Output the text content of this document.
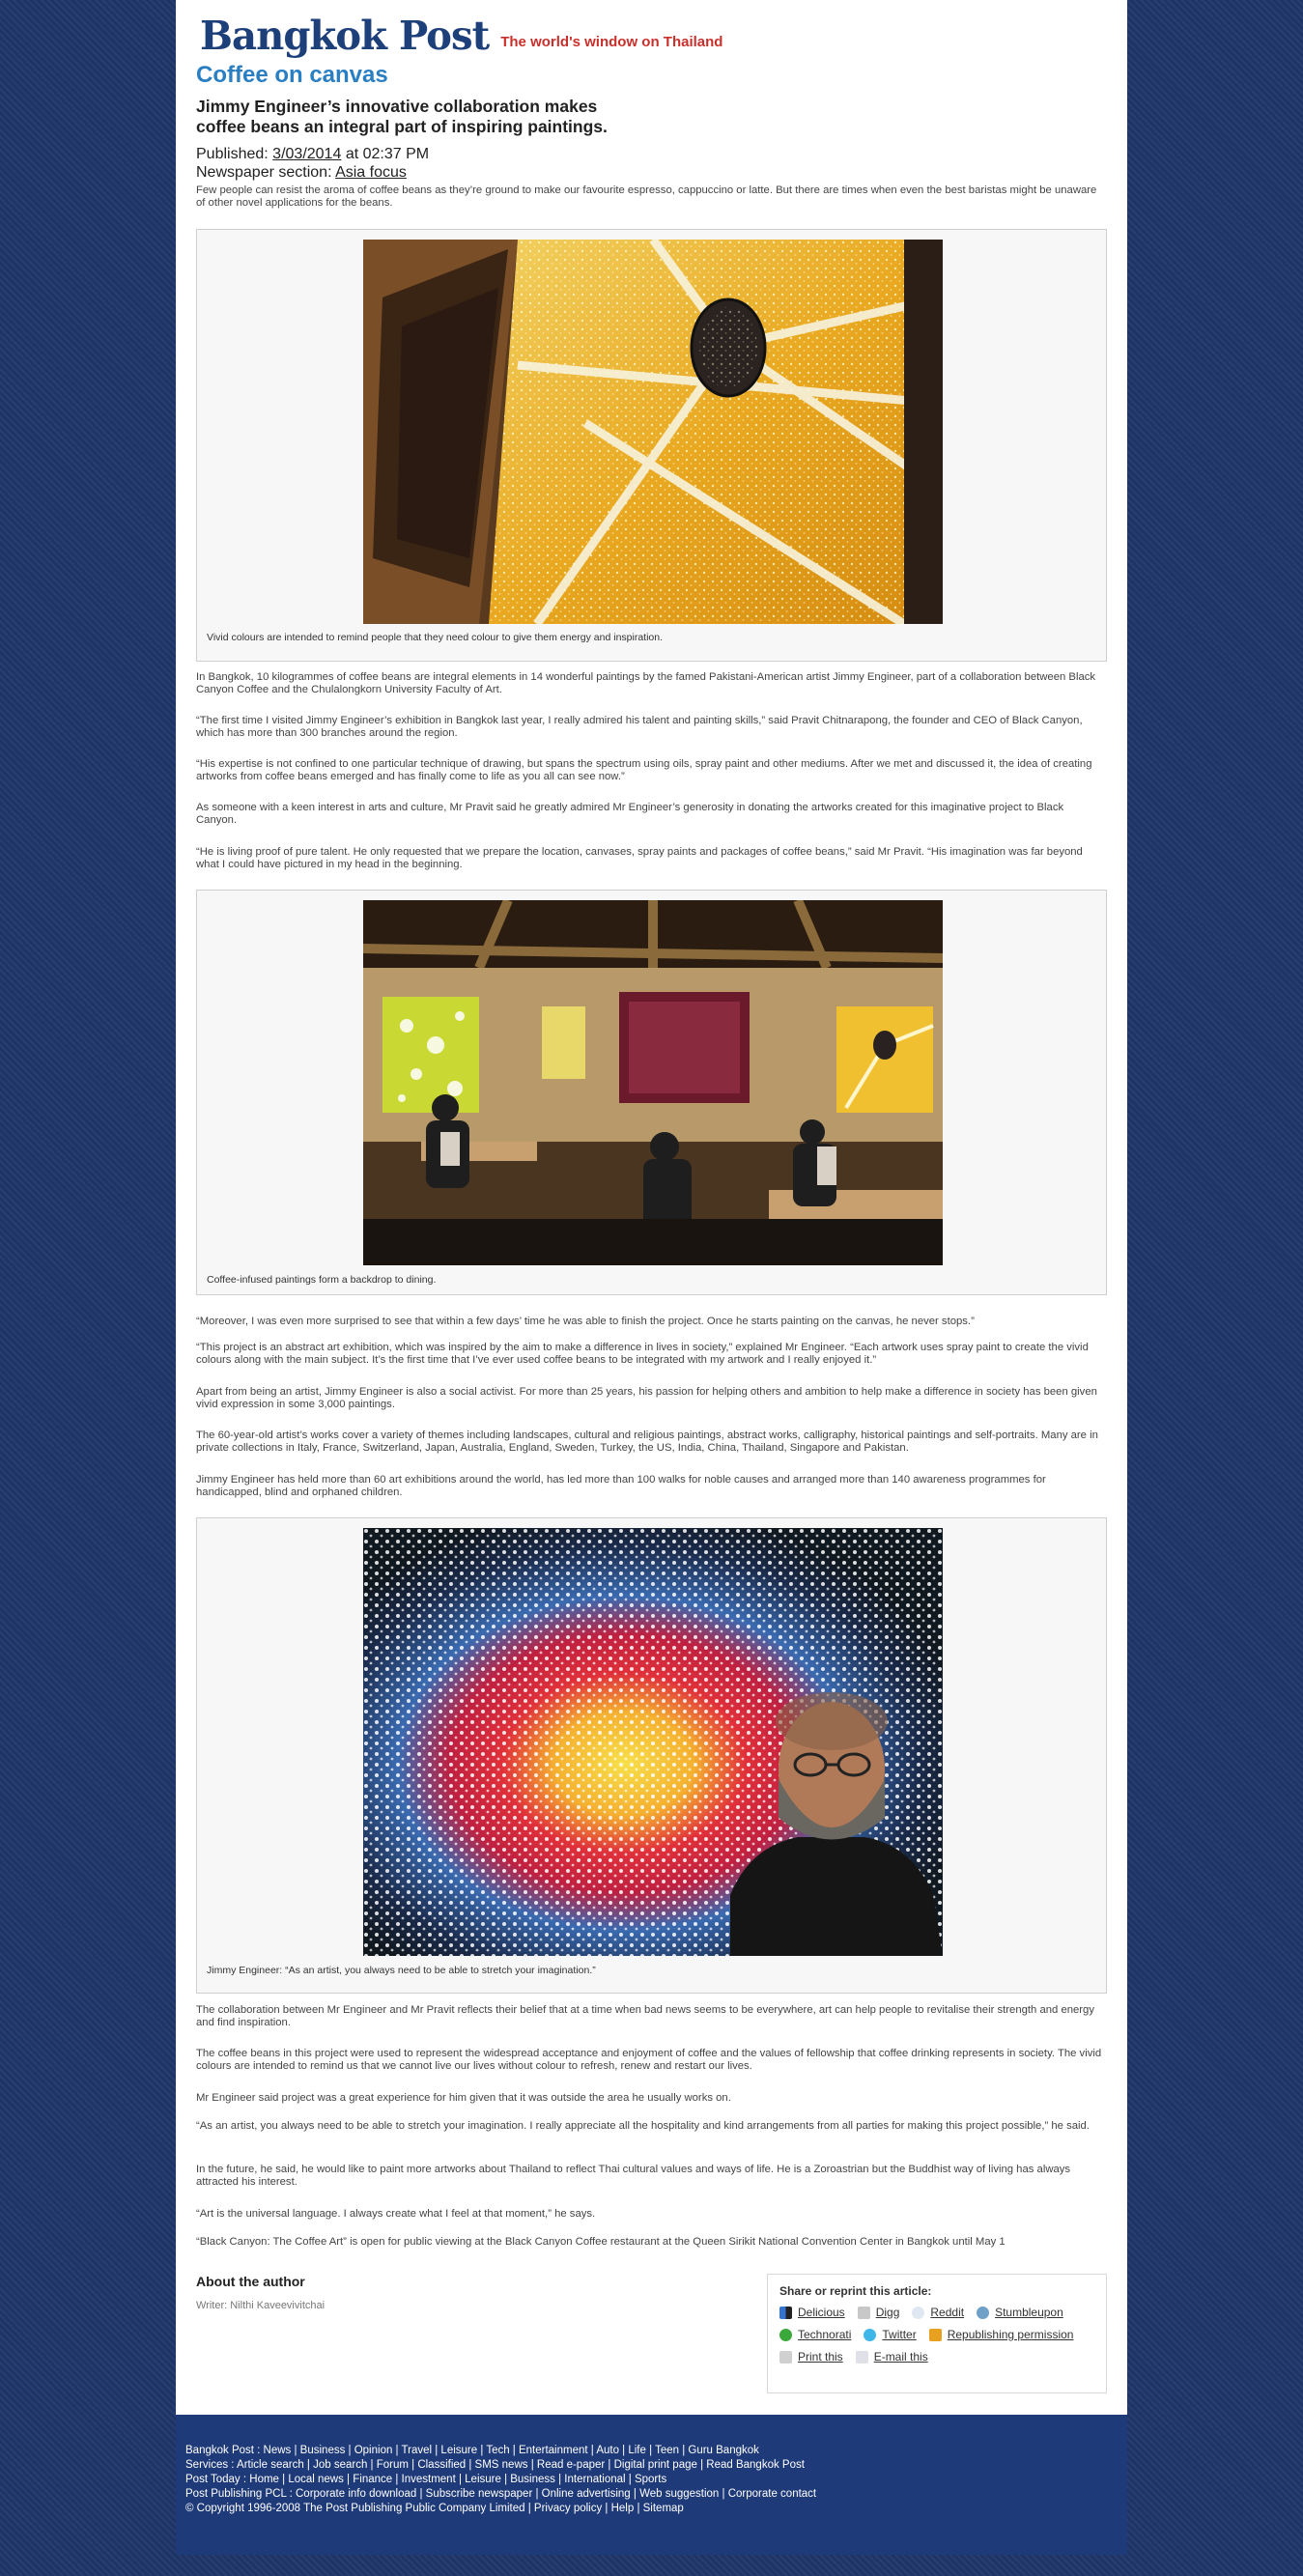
Bangkok Post The world's window on Thailand
Coffee on canvas
Jimmy Engineer’s innovative collaboration makes coffee beans an integral part of inspiring paintings.
Published: 3/03/2014 at 02:37 PM
Newspaper section: Asia focus

Few people can resist the aroma of coffee beans as they’re ground to make our favourite espresso, cappuccino or latte. But there are times when even the best baristas might be unaware of other novel applications for the beans.

Vivid colours are intended to remind people that they need colour to give them energy and inspiration.

In Bangkok, 10 kilogrammes of coffee beans are integral elements in 14 wonderful paintings by the famed Pakistani-American artist Jimmy Engineer, part of a collaboration between Black Canyon Coffee and the Chulalongkorn University Faculty of Art.

“The first time I visited Jimmy Engineer’s exhibition in Bangkok last year, I really admired his talent and painting skills,” said Pravit Chitnarapong, the founder and CEO of Black Canyon, which has more than 300 branches around the region.

“His expertise is not confined to one particular technique of drawing, but spans the spectrum using oils, spray paint and other mediums. After we met and discussed it, the idea of creating artworks from coffee beans emerged and has finally come to life as you all can see now.”

As someone with a keen interest in arts and culture, Mr Pravit said he greatly admired Mr Engineer’s generosity in donating the artworks created for this imaginative project to Black Canyon.

“He is living proof of pure talent. He only requested that we prepare the location, canvases, spray paints and packages of coffee beans,” said Mr Pravit. “His imagination was far beyond what I could have pictured in my head in the beginning.

Coffee-infused paintings form a backdrop to dining.

“Moreover, I was even more surprised to see that within a few days’ time he was able to finish the project. Once he starts painting on the canvas, he never stops.”

“This project is an abstract art exhibition, which was inspired by the aim to make a difference in lives in society,” explained Mr Engineer. “Each artwork uses spray paint to create the vivid colours along with the main subject. It’s the first time that I’ve ever used coffee beans to be integrated with my artwork and I really enjoyed it.”

Apart from being an artist, Jimmy Engineer is also a social activist. For more than 25 years, his passion for helping others and ambition to help make a difference in society has been given vivid expression in some 3,000 paintings.

The 60-year-old artist’s works cover a variety of themes including landscapes, cultural and religious paintings, abstract works, calligraphy, historical paintings and self-portraits. Many are in private collections in Italy, France, Switzerland, Japan, Australia, England, Sweden, Turkey, the US, India, China, Thailand, Singapore and Pakistan.

Jimmy Engineer has held more than 60 art exhibitions around the world, has led more than 100 walks for noble causes and arranged more than 140 awareness programmes for handicapped, blind and orphaned children.

Jimmy Engineer: “As an artist, you always need to be able to stretch your imagination.”

The collaboration between Mr Engineer and Mr Pravit reflects their belief that at a time when bad news seems to be everywhere, art can help people to revitalise their strength and energy and find inspiration.

The coffee beans in this project were used to represent the widespread acceptance and enjoyment of coffee and the values of fellowship that coffee drinking represents in society. The vivid colours are intended to remind us that we cannot live our lives without colour to refresh, renew and restart our lives.

Mr Engineer said project was a great experience for him given that it was outside the area he usually works on.

“As an artist, you always need to be able to stretch your imagination. I really appreciate all the hospitality and kind arrangements from all parties for making this project possible,” he said.

In the future, he said, he would like to paint more artworks about Thailand to reflect Thai cultural values and ways of life. He is a Zoroastrian but the Buddhist way of living has always attracted his interest.

“Art is the universal language. I always create what I feel at that moment,” he says.

“Black Canyon: The Coffee Art” is open for public viewing at the Black Canyon Coffee restaurant at the Queen Sirikit National Convention Center in Bangkok until May 1

About the author
Writer: Nilthi Kaveevivitchai
Share or reprint this article:
Delicious	Digg	Reddit	Stumbleupon
Technorati	Twitter	Republishing permission
Print this	E-mail this
Bangkok Post : News | Business | Opinion | Travel | Leisure | Tech | Entertainment | Auto | Life | Teen | Guru Bangkok
Services : Article search | Job search | Forum | Classified | SMS news | Read e-paper | Digital print page | Read Bangkok Post
Post Today : Home | Local news | Finance | Investment | Leisure | Business | International | Sports
Post Publishing PCL : Corporate info download | Subscribe newspaper | Online advertising | Web suggestion | Corporate contact
© Copyright 1996-2008 The Post Publishing Public Company Limited | Privacy policy | Help | Sitemap
